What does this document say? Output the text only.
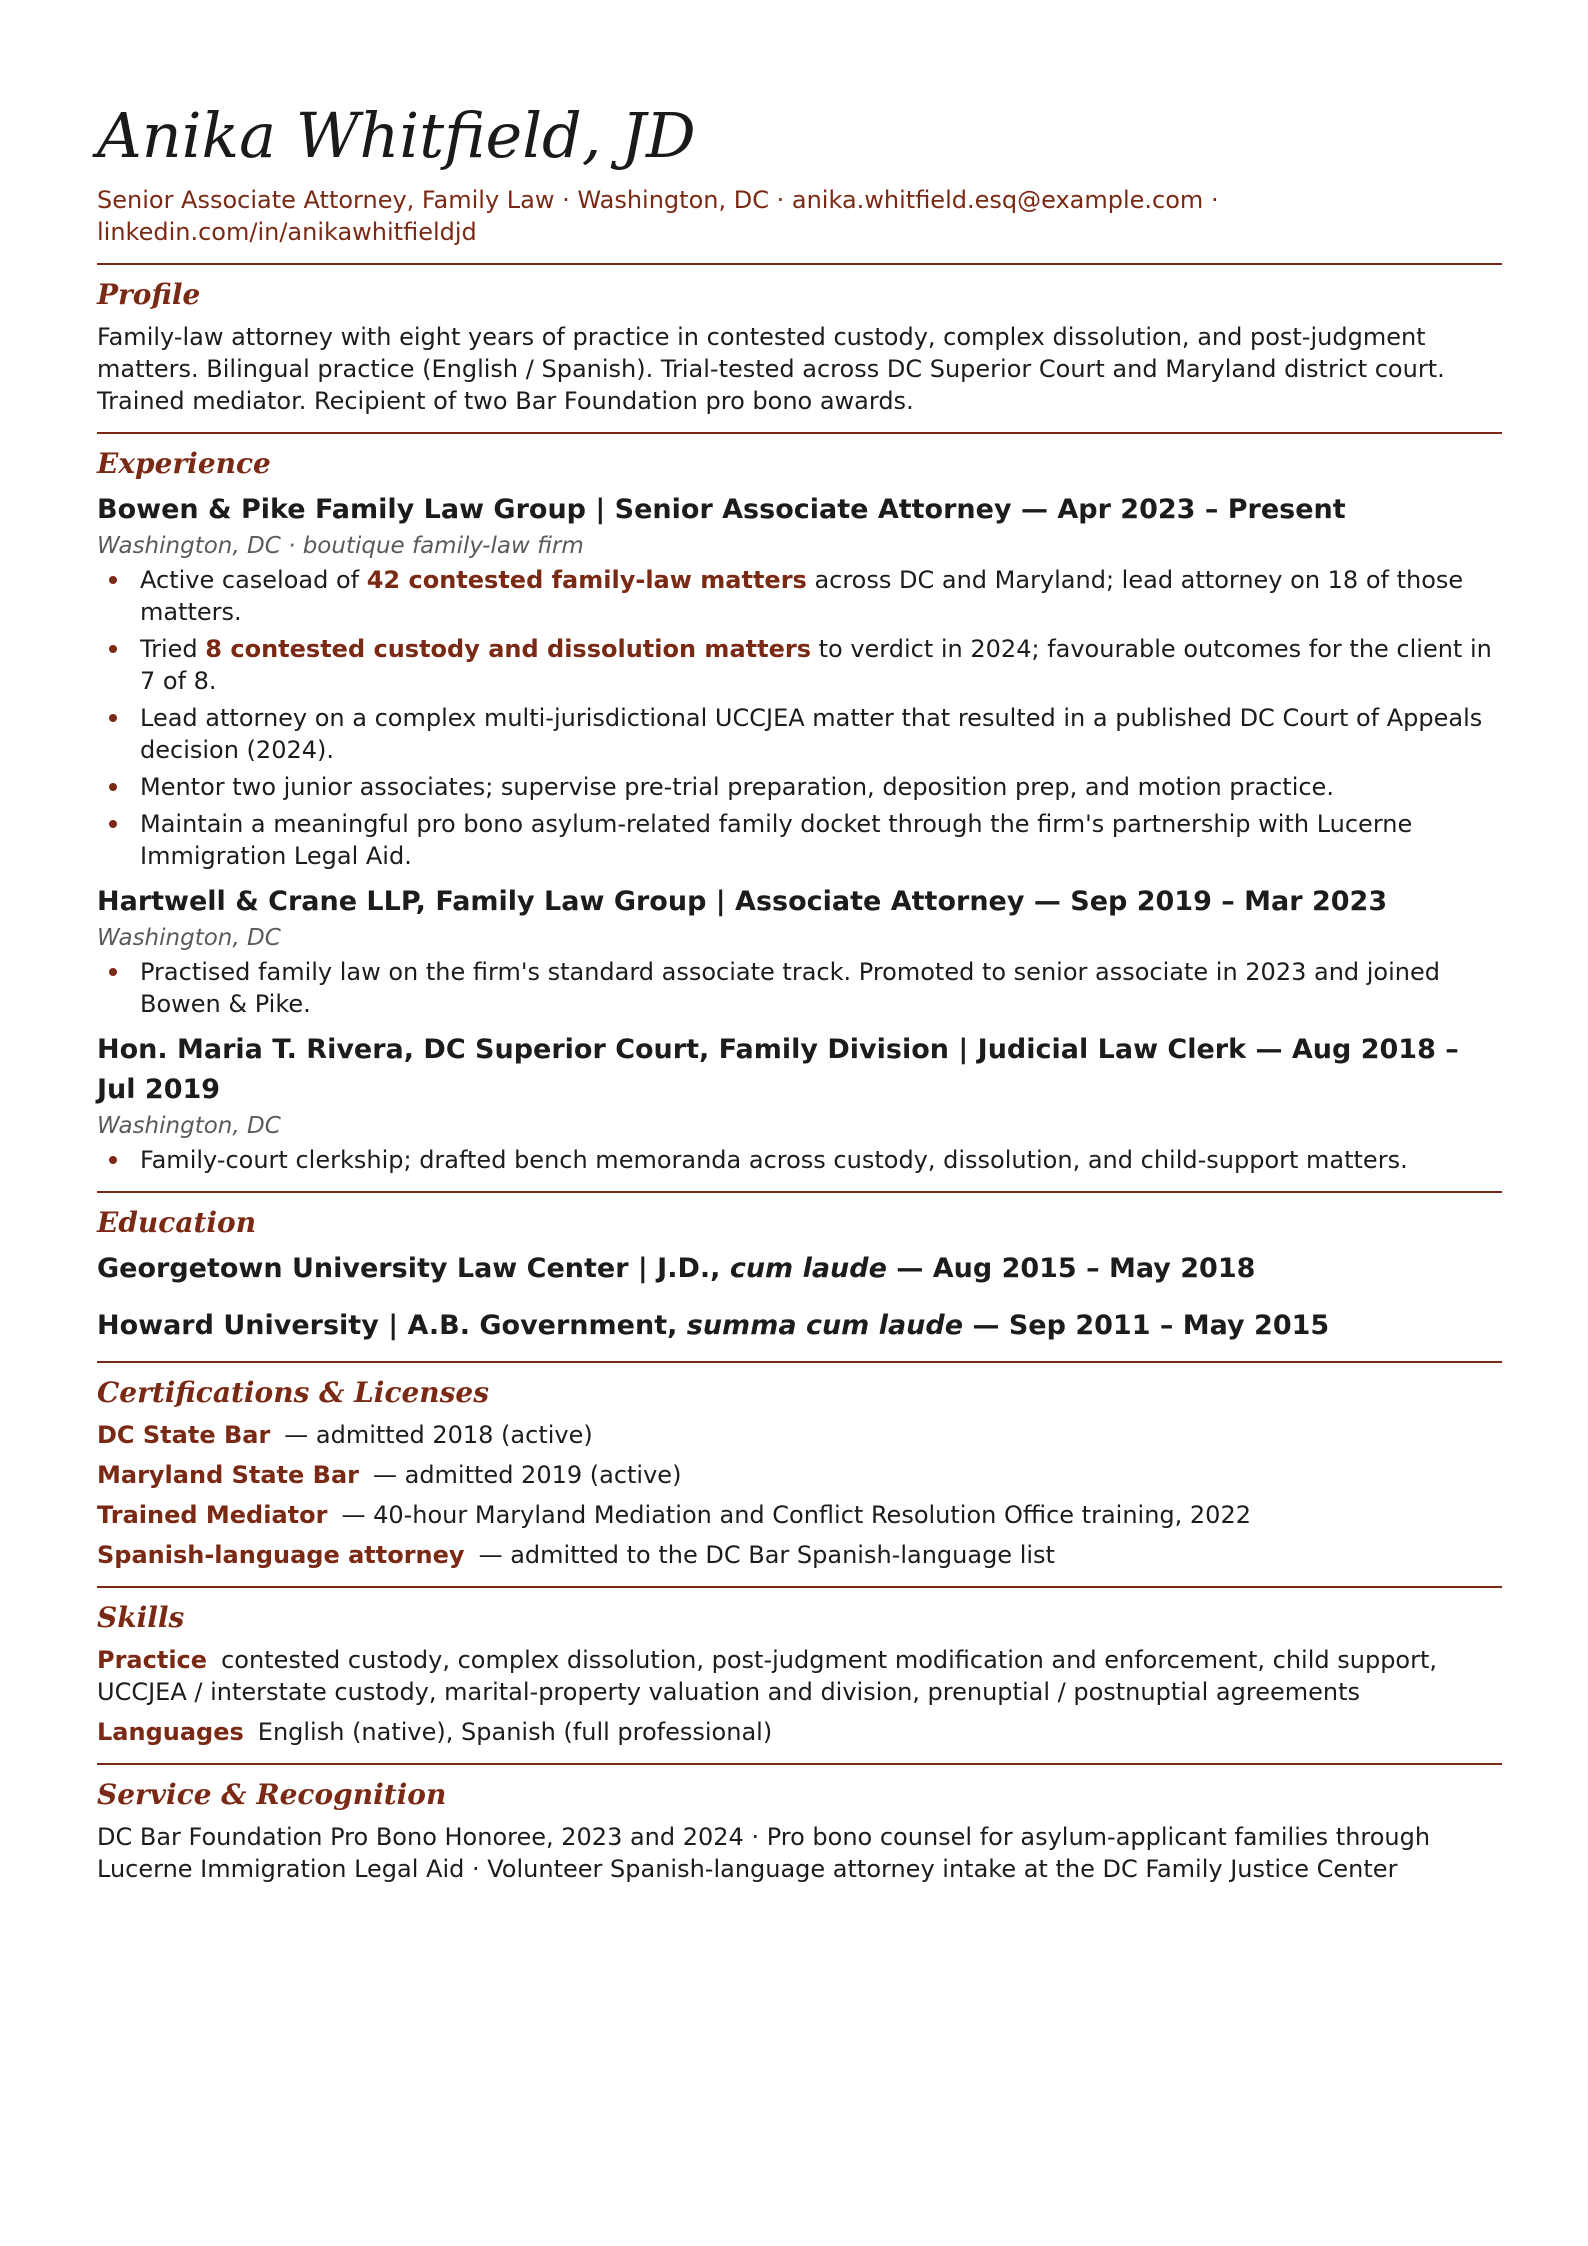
Anika Whitfield, JD
Senior Associate Attorney, Family Law · Washington, DC · anika.whitfield.esq@example.com ·
linkedin.com/in/anikawhitfieldjd
Profile

Family-law attorney with eight years of practice in contested custody, complex dissolution, and post-judgment matters. Bilingual practice (English / Spanish). Trial-tested across DC Superior Court and Maryland district court. Trained mediator. Recipient of two Bar Foundation pro bono awards.

Experience
Bowen & Pike Family Law Group | Senior Associate Attorney — Apr 2023 – Present
Washington, DC · boutique family-law firm
Active caseload of 42 contested family-law matters across DC and Maryland; lead attorney on 18 of those matters.
Tried 8 contested custody and dissolution matters to verdict in 2024; favourable outcomes for the client in 7 of 8.
Lead attorney on a complex multi-jurisdictional UCCJEA matter that resulted in a published DC Court of Appeals decision (2024).
Mentor two junior associates; supervise pre-trial preparation, deposition prep, and motion practice.
Maintain a meaningful pro bono asylum-related family docket through the firm's partnership with Lucerne Immigration Legal Aid.
Hartwell & Crane LLP, Family Law Group | Associate Attorney — Sep 2019 – Mar 2023
Washington, DC
Practised family law on the firm's standard associate track. Promoted to senior associate in 2023 and joined Bowen & Pike.
Hon. Maria T. Rivera, DC Superior Court, Family Division | Judicial Law Clerk — Aug 2018 – Jul 2019
Washington, DC
Family-court clerkship; drafted bench memoranda across custody, dissolution, and child-support matters.
Education
Georgetown University Law Center | J.D., cum laude — Aug 2015 – May 2018
Howard University | A.B. Government, summa cum laude — Sep 2011 – May 2015
Certifications & Licenses
DC State Bar — admitted 2018 (active)
Maryland State Bar — admitted 2019 (active)
Trained Mediator — 40-hour Maryland Mediation and Conflict Resolution Office training, 2022
Spanish-language attorney — admitted to the DC Bar Spanish-language list
Skills
Practice contested custody, complex dissolution, post-judgment modification and enforcement, child support, UCCJEA / interstate custody, marital-property valuation and division, prenuptial / postnuptial agreements
Languages English (native), Spanish (full professional)
Service & Recognition

DC Bar Foundation Pro Bono Honoree, 2023 and 2024 · Pro bono counsel for asylum-applicant families through Lucerne Immigration Legal Aid · Volunteer Spanish-language attorney intake at the DC Family Justice Center
